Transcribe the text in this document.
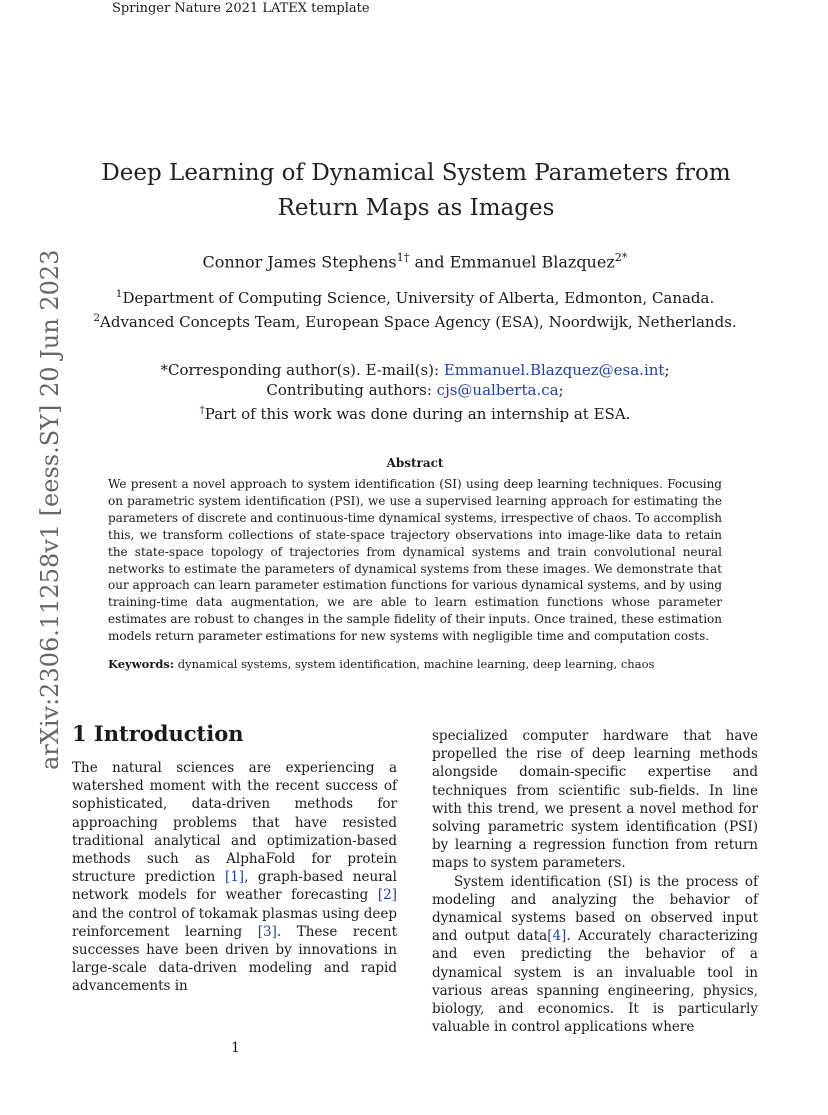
Springer Nature 2021 LATEX template
arXiv:2306.11258v1 [eess.SY] 20 Jun 2023
Deep Learning of Dynamical System Parameters from Return Maps as Images
Connor James Stephens$^{1\dagger}$ and Emmanuel Blazquez$^{2*}$
$^1$Department of Computing Science, University of Alberta, Edmonton, Canada.
$^2$Advanced Concepts Team, European Space Agency (ESA), Noordwijk, Netherlands.
*Corresponding author(s). E-mail(s): Emmanuel.Blazquez@esa.int;
Contributing authors: cjs@ualberta.ca;
†Part of this work was done during an internship at ESA.
Abstract
We present a novel approach to system identification (SI) using deep learning techniques. Focusing on parametric system identification (PSI), we use a supervised learning approach for estimating the parameters of discrete and continuous-time dynamical systems, irrespective of chaos. To accomplish this, we transform collections of state-space trajectory observations into image-like data to retain the state-space topology of trajectories from dynamical systems and train convolutional neural networks to estimate the parameters of dynamical systems from these images. We demonstrate that our approach can learn parameter estimation functions for various dynamical systems, and by using training-time data augmentation, we are able to learn estimation functions whose parameter estimates are robust to changes in the sample fidelity of their inputs. Once trained, these estimation models return parameter estimations for new systems with negligible time and computation costs.
Keywords: dynamical systems, system identification, machine learning, deep learning, chaos
1 Introduction
The natural sciences are experiencing a watershed moment with the recent success of sophisticated, data-driven methods for approaching problems that have resisted traditional analytical and optimization-based methods such as AlphaFold for protein structure prediction [1], graph-based neural network models for weather forecasting [2] and the control of tokamak plasmas using deep reinforcement learning [3]. These recent successes have been driven by innovations in large-scale data-driven modeling and rapid advancements in
specialized computer hardware that have propelled the rise of deep learning methods alongside domain-specific expertise and techniques from scientific sub-fields. In line with this trend, we present a novel method for solving parametric system identification (PSI) by learning a regression function from return maps to system parameters.
System identification (SI) is the process of modeling and analyzing the behavior of dynamical systems based on observed input and output data[4]. Accurately characterizing and even predicting the behavior of a dynamical system is an invaluable tool in various areas spanning engineering, physics, biology, and economics. It is particularly valuable in control applications where
1
